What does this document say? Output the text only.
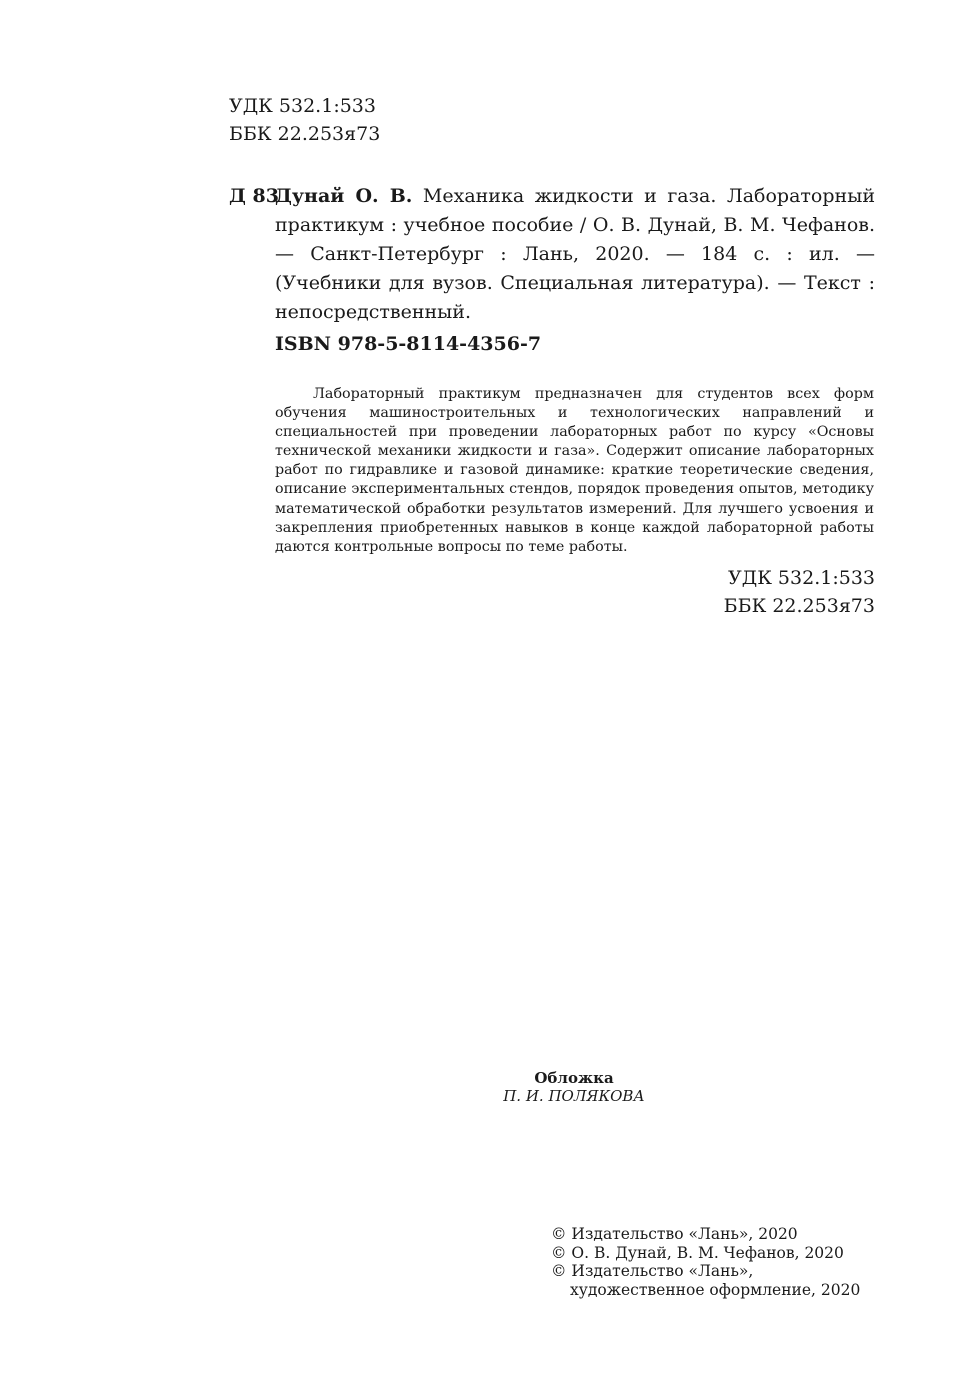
УДК 532.1:533
ББК 22.253я73
Д 83
Дунай О. В. Механика жидкости и газа. Лабораторный практикум : учебное пособие / О. В. Дунай, В. М. Чефанов. — Санкт-Петербург : Лань, 2020. — 184 с. : ил. — (Учебники для вузов. Специальная литература). — Текст : непосредственный.
ISBN 978-5-8114-4356-7
Лабораторный практикум предназначен для студентов всех форм обучения машиностроительных и технологических направлений и специальностей при проведении лабораторных работ по курсу «Основы технической механики жидкости и газа». Содержит описание лабораторных работ по гидравлике и газовой динамике: краткие теоретические сведения, описание экспериментальных стендов, порядок проведения опытов, методику математической обработки результатов измерений. Для лучшего усвоения и закрепления приобретенных навыков в конце каждой лабораторной работы даются контрольные вопросы по теме работы.
УДК 532.1:533
ББК 22.253я73
Обложка
П. И. ПОЛЯКОВА
© Издательство «Лань», 2020
© О. В. Дунай, В. М. Чефанов, 2020
© Издательство «Лань»,
художественное оформление, 2020
